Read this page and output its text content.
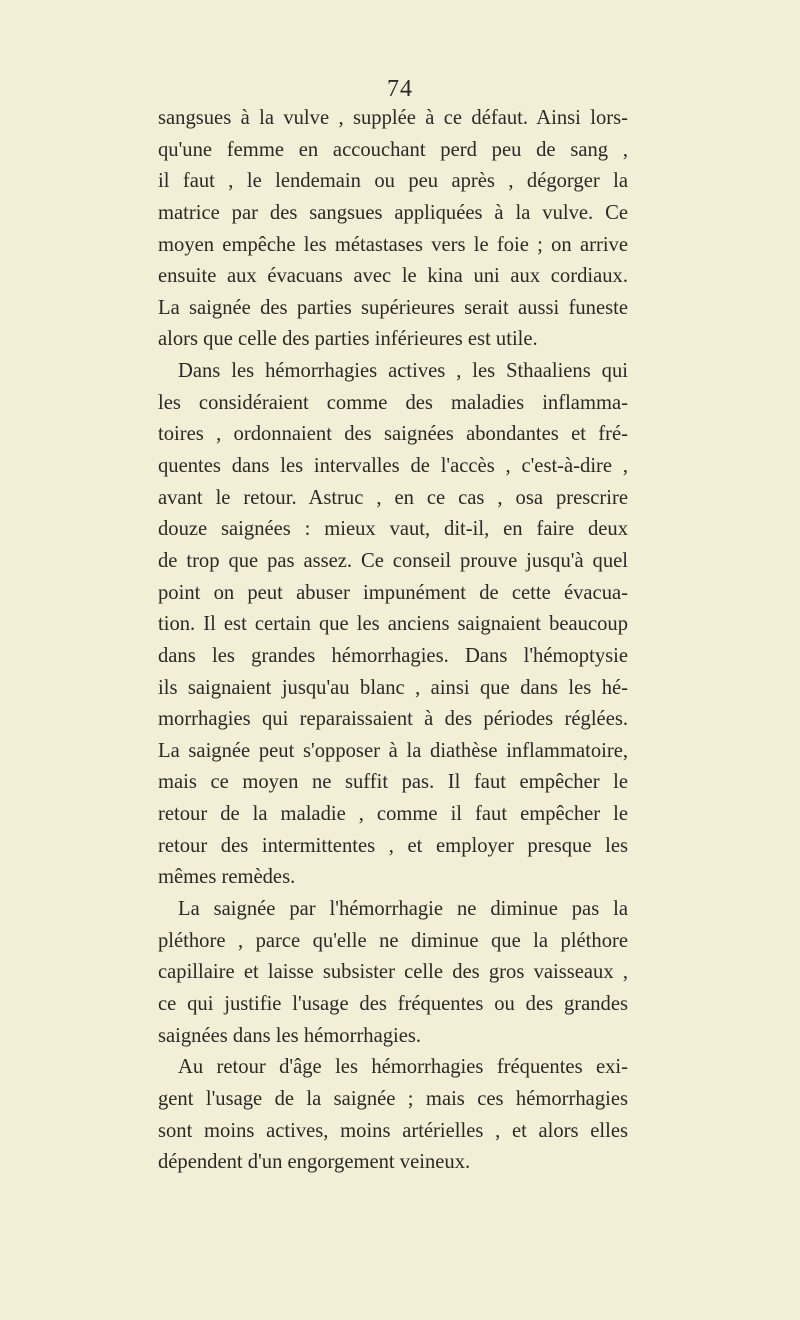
74
sangsues à la vulve , supplée à ce défaut. Ainsi lors-
qu'une femme en accouchant perd peu de sang ,
il faut , le lendemain ou peu après , dégorger la
matrice par des sangsues appliquées à la vulve. Ce
moyen empêche les métastases vers le foie ; on arrive
ensuite aux évacuans avec le kina uni aux cordiaux.
La saignée des parties supérieures serait aussi funeste
alors que celle des parties inférieures est utile.
Dans les hémorrhagies actives , les Sthaaliens qui
les considéraient comme des maladies inflamma-
toires , ordonnaient des saignées abondantes et fré-
quentes dans les intervalles de l'accès , c'est-à-dire ,
avant le retour. Astruc , en ce cas , osa prescrire
douze saignées : mieux vaut, dit-il, en faire deux
de trop que pas assez. Ce conseil prouve jusqu'à quel
point on peut abuser impunément de cette évacua-
tion. Il est certain que les anciens saignaient beaucoup
dans les grandes hémorrhagies. Dans l'hémoptysie
ils saignaient jusqu'au blanc , ainsi que dans les hé-
morrhagies qui reparaissaient à des périodes réglées.
La saignée peut s'opposer à la diathèse inflammatoire,
mais ce moyen ne suffit pas. Il faut empêcher le
retour de la maladie , comme il faut empêcher le
retour des intermittentes , et employer presque les
mêmes remèdes.
La saignée par l'hémorrhagie ne diminue pas la
pléthore , parce qu'elle ne diminue que la pléthore
capillaire et laisse subsister celle des gros vaisseaux ,
ce qui justifie l'usage des fréquentes ou des grandes
saignées dans les hémorrhagies.
Au retour d'âge les hémorrhagies fréquentes exi-
gent l'usage de la saignée ; mais ces hémorrhagies
sont moins actives, moins artérielles , et alors elles
dépendent d'un engorgement veineux.
